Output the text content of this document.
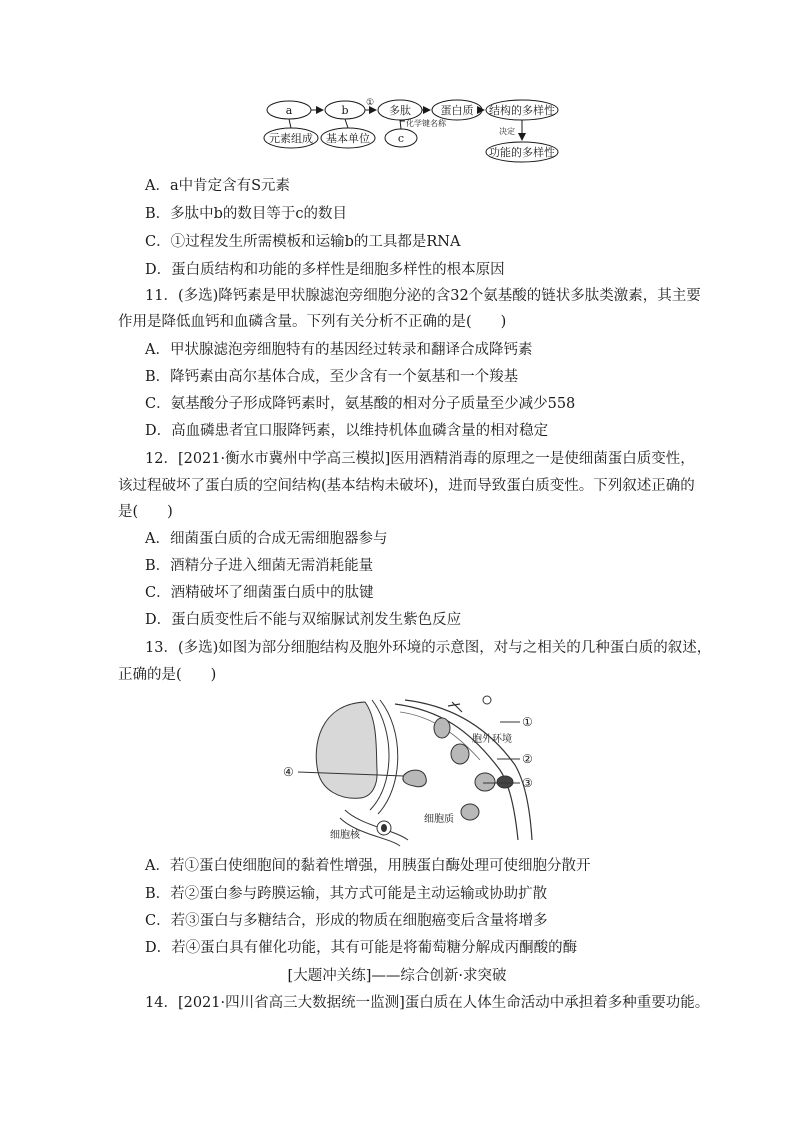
a	b	多肽	蛋白质 结构的多样性
功能的多样性
元素组成 基本单位	c
①
决定
化学键名称
A．a中肯定含有S元素
B．多肽中b的数目等于c的数目
C．①过程发生所需模板和运输b的工具都是RNA
D．蛋白质结构和功能的多样性是细胞多样性的根本原因
11．(多选)降钙素是甲状腺滤泡旁细胞分泌的含32个氨基酸的链状多肽类激素，其主要
作用是降低血钙和血磷含量。下列有关分析不正确的是(　　)
A．甲状腺滤泡旁细胞特有的基因经过转录和翻译合成降钙素
B．降钙素由高尔基体合成，至少含有一个氨基和一个羧基
C．氨基酸分子形成降钙素时，氨基酸的相对分子质量至少减少558
D．高血磷患者宜口服降钙素，以维持机体血磷含量的相对稳定
12．[2021·衡水市冀州中学高三模拟]医用酒精消毒的原理之一是使细菌蛋白质变性，
该过程破坏了蛋白质的空间结构(基本结构未破坏)，进而导致蛋白质变性。下列叙述正确的
是(　　)
A．细菌蛋白质的合成无需细胞器参与
B．酒精分子进入细菌无需消耗能量
C．酒精破坏了细菌蛋白质中的肽键
D．蛋白质变性后不能与双缩脲试剂发生紫色反应
13．(多选)如图为部分细胞结构及胞外环境的示意图，对与之相关的几种蛋白质的叙述，
正确的是(　　)
①
②
③
④
胞外环境
细胞质
细胞核
A．若①蛋白使细胞间的黏着性增强，用胰蛋白酶处理可使细胞分散开
B．若②蛋白参与跨膜运输，其方式可能是主动运输或协助扩散
C．若③蛋白与多糖结合，形成的物质在细胞癌变后含量将增多
D．若④蛋白具有催化功能，其有可能是将葡萄糖分解成丙酮酸的酶
[大题冲关练]——综合创新·求突破
14．[2021·四川省高三大数据统一监测]蛋白质在人体生命活动中承担着多种重要功能。
